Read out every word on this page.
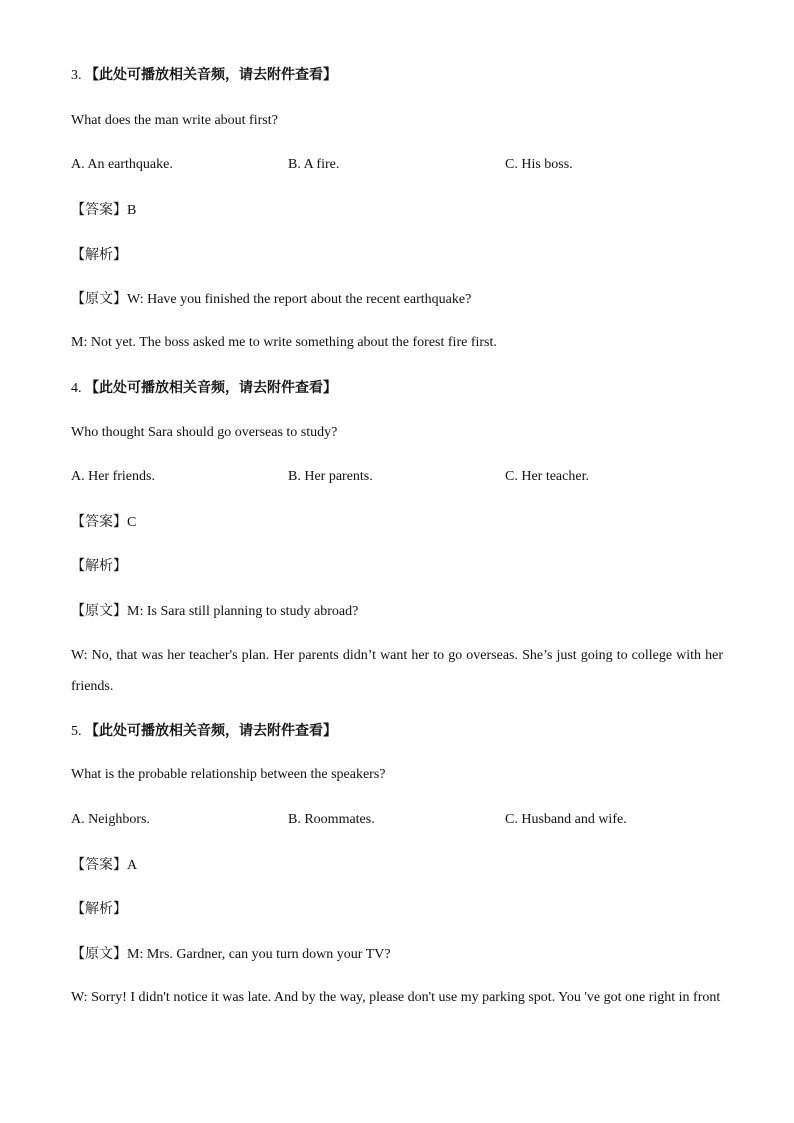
3. 【此处可播放相关音频，请去附件查看】
What does the man write about first?
A. An earthquake.	B. A fire.	C. His boss.
【答案】B
【解析】
【原文】W: Have you finished the report about the recent earthquake?
M: Not yet. The boss asked me to write something about the forest fire first.
4. 【此处可播放相关音频，请去附件查看】
Who thought Sara should go overseas to study?
A. Her friends.	B. Her parents.	C. Her teacher.
【答案】C
【解析】
【原文】M: Is Sara still planning to study abroad?
W: No, that was her teacher's plan. Her parents didn’t want her to go overseas. She’s just going to college with her friends.
5. 【此处可播放相关音频，请去附件查看】
What is the probable relationship between the speakers?
A. Neighbors.	B. Roommates.	C. Husband and wife.
【答案】A
【解析】
【原文】M: Mrs. Gardner, can you turn down your TV?
W: Sorry! I didn't notice it was late. And by the way, please don't use my parking spot. You 've got one right in front
